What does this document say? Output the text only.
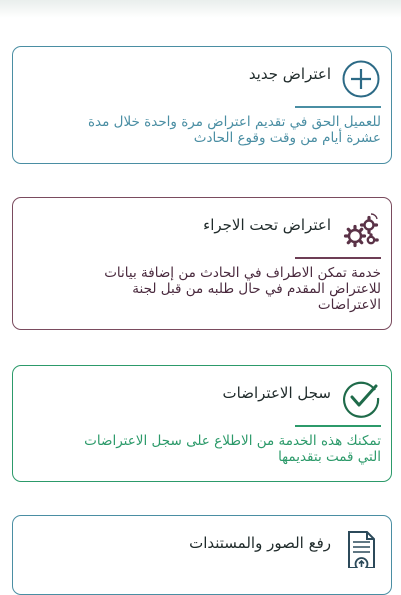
اعتراض جديد
للعميل الحق في تقديم اعتراض مرة واحدة خلال مدة
عشرة أيام من وقت وقوع الحادث
اعتراض تحت الاجراء
خدمة تمكن الاطراف في الحادث من إضافة بيانات
للاعتراض المقدم في حال طلبه من قبل لجنة
الاعتراضات
سجل الاعتراضات
تمكنك هذه الخدمة من الاطلاع على سجل الاعتراضات
التي قمت بتقديمها
رفع الصور والمستندات
